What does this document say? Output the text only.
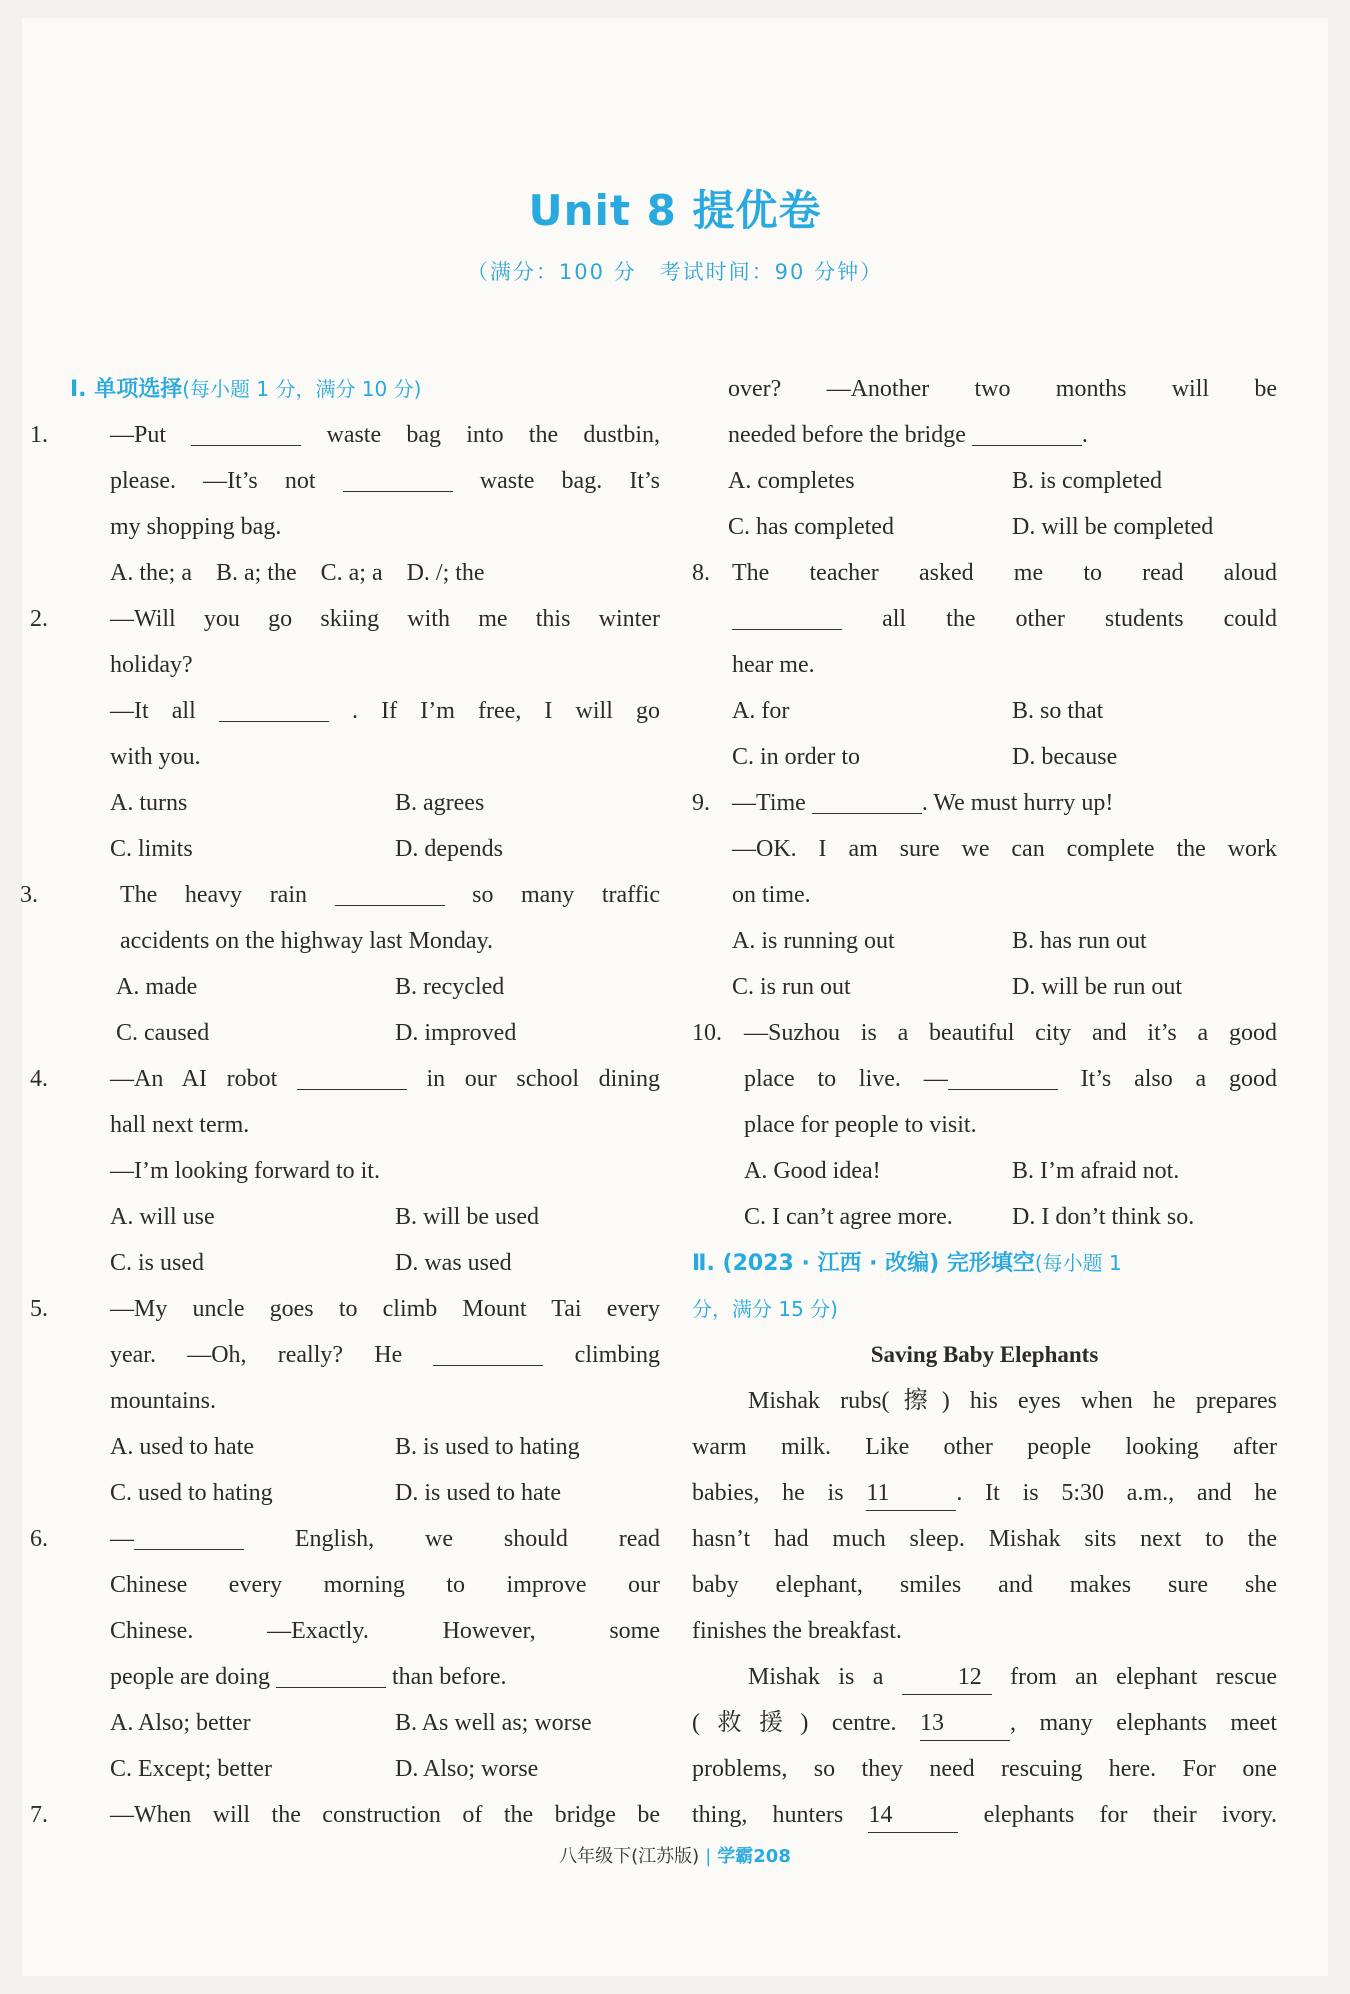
Unit 8 提优卷
（满分：100 分　考试时间：90 分钟）
Ⅰ. 单项选择(每小题 1 分，满分 10 分)
1.	—Put	waste bag into the dustbin,
please. —It’s not	waste bag. It’s
my shopping bag.
A. the; a　B. a; the　C. a; a　D. /; the
2.	—Will you go skiing with me this winter
holiday?
—It all	. If I’m free, I will go
with you.
A. turns	B. agrees
C. limits	D. depends
3.	The heavy rain	so many traffic
accidents on the highway last Monday.
A. made	B. recycled
C. caused	D. improved
4.	—An AI robot	in our school dining
hall next term.
—I’m looking forward to it.
A. will use	B. will be used
C. is used	D. was used
5.	—My uncle goes to climb Mount Tai every
year. —Oh, really? He	climbing
mountains.
A. used to hate	B. is used to hating
C. used to hating	D. is used to hate
6.	—	English, we should read
Chinese every morning to improve our
Chinese. —Exactly. However, some
people are doing	than before.
A. Also; better	B. As well as; worse
C. Except; better	D. Also; worse
7.	—When will the construction of the bridge be
over? —Another two months will be
needed before the bridge	.
A. completes	B. is completed
C. has completed	D. will be completed
8. The teacher asked me to read aloud
all the other students could
hear me.
A. for	B. so that
C. in order to	D. because
9. —Time	. We must hurry up!
—OK. I am sure we can complete the work
on time.
A. is running out	B. has run out
C. is run out	D. will be run out
10. —Suzhou is a beautiful city and it’s a good
place to live. —	It’s also a good
place for people to visit.
A. Good idea!	B. I’m afraid not.
C. I can’t agree more. D. I don’t think so.
Ⅱ. (2023 · 江西 · 改编) 完形填空(每小题 1
分，满分 15 分)
Saving Baby Elephants
Mishak rubs(擦) his eyes when he prepares
warm milk. Like other people looking after
babies, he is 11	. It is 5:30 a.m., and he
hasn’t had much sleep. Mishak sits next to the
baby elephant, smiles and makes sure she
finishes the breakfast.
Mishak is a	12 from an elephant rescue
(救援) centre. 13	, many elephants meet
problems, so they need rescuing here. For one
thing, hunters 14	elephants for their ivory.
八年级下(江苏版) | 学霸208
